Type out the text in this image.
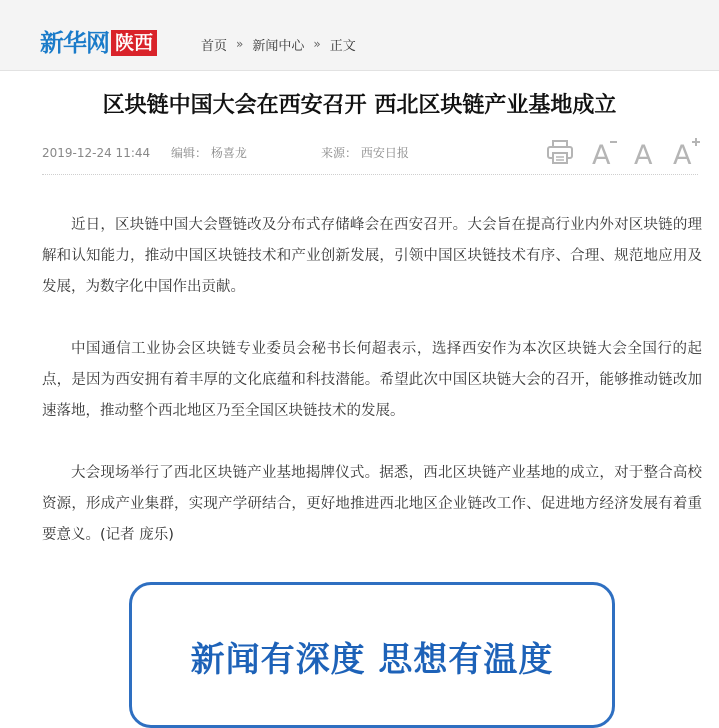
新华网 陕西	首页 » 新闻中心 » 正文
区块链中国大会在西安召开 西北区块链产业基地成立
2019-12-24 11:44 编辑： 杨喜龙	来源： 西安日报	A A A

近日，区块链中国大会暨链改及分布式存储峰会在西安召开。大会旨在提高行业内外对区块链的理解和认知能力，推动中国区块链技术和产业创新发展，引领中国区块链技术有序、合理、规范地应用及发展，为数字化中国作出贡献。

中国通信工业协会区块链专业委员会秘书长何超表示，选择西安作为本次区块链大会全国行的起点，是因为西安拥有着丰厚的文化底蕴和科技潜能。希望此次中国区块链大会的召开，能够推动链改加速落地，推动整个西北地区乃至全国区块链技术的发展。

大会现场举行了西北区块链产业基地揭牌仪式。据悉，西北区块链产业基地的成立，对于整合高校资源，形成产业集群，实现产学研结合，更好地推进西北地区企业链改工作、促进地方经济发展有着重要意义。(记者 庞乐)

新闻有深度 思想有温度
